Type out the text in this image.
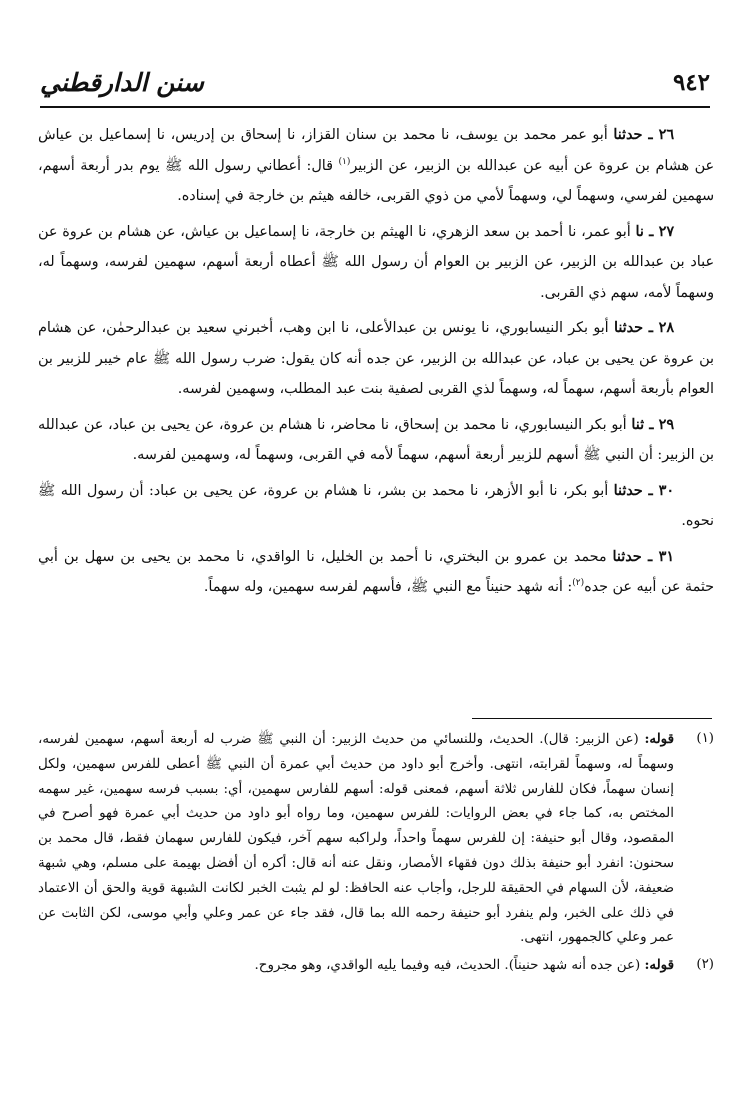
سنن الدارقطني	٩٤٢

٢٦ ـ حدثنا أبو عمر محمد بن يوسف، نا محمد بن سنان القزاز، نا إسحاق بن إدريس، نا إسماعيل بن عياش عن هشام بن عروة عن أبيه عن عبدالله بن الزبير، عن الزبير$^{(١)}$ قال: أعطاني رسول الله ﷺ يوم بدر أربعة أسهم، سهمين لفرسي، وسهماً لي، وسهماً لأمي من ذوي القربى، خالفه هيثم بن خارجة في إسناده.

٢٧ ـ نا أبو عمر، نا أحمد بن سعد الزهري، نا الهيثم بن خارجة، نا إسماعيل بن عياش، عن هشام بن عروة عن عباد بن عبدالله بن الزبير، عن الزبير بن العوام أن رسول الله ﷺ أعطاه أربعة أسهم، سهمين لفرسه، وسهماً له، وسهماً لأمه، سهم ذي القربى.

٢٨ ـ حدثنا أبو بكر النيسابوري، نا يونس بن عبدالأعلى، نا ابن وهب، أخبرني سعيد بن عبدالرحمٰن، عن هشام بن عروة عن يحيى بن عباد، عن عبدالله بن الزبير، عن جده أنه كان يقول: ضرب رسول الله ﷺ عام خيبر للزبير بن العوام بأربعة أسهم، سهماً له، وسهماً لذي القربى لصفية بنت عبد المطلب، وسهمين لفرسه.

٢٩ ـ ثنا أبو بكر النيسابوري، نا محمد بن إسحاق، نا محاضر، نا هشام بن عروة، عن يحيى بن عباد، عن عبدالله بن الزبير: أن النبي ﷺ أسهم للزبير أربعة أسهم، سهماً لأمه في القربى، وسهماً له، وسهمين لفرسه.

٣٠ ـ حدثنا أبو بكر، نا أبو الأزهر، نا محمد بن بشر، نا هشام بن عروة، عن يحيى بن عباد: أن رسول الله ﷺ نحوه.

٣١ ـ حدثنا محمد بن عمرو بن البختري، نا أحمد بن الخليل، نا الواقدي، نا محمد بن يحيى بن سهل بن أبي حثمة عن أبيه عن جده$^{(٢)}$: أنه شهد حنيناً مع النبي ﷺ، فأسهم لفرسه سهمين، وله سهماً.

(١)
قوله: (عن الزبير: قال). الحديث، وللنسائي من حديث الزبير: أن النبي ﷺ ضرب له أربعة أسهم، سهمين لفرسه، وسهماً له، وسهماً لقرابته، انتهى. وأخرج أبو داود من حديث أبي عمرة أن النبي ﷺ أعطى للفرس سهمين، ولكل إنسان سهماً، فكان للفارس ثلاثة أسهم، فمعنى قوله: أسهم للفارس سهمين، أي: بسبب فرسه سهمين، غير سهمه المختص به، كما جاء في بعض الروايات: للفرس سهمين، وما رواه أبو داود من حديث أبي عمرة فهو أصرح في المقصود، وقال أبو حنيفة: إن للفرس سهماً واحداً، ولراكبه سهم آخر، فيكون للفارس سهمان فقط، قال محمد بن سحنون: انفرد أبو حنيفة بذلك دون فقهاء الأمصار، ونقل عنه أنه قال: أكره أن أفضل بهيمة على مسلم، وهي شبهة ضعيفة، لأن السهام في الحقيقة للرجل، وأجاب عنه الحافظ: لو لم يثبت الخبر لكانت الشبهة قوية والحق أن الاعتماد في ذلك على الخبر، ولم ينفرد أبو حنيفة رحمه الله بما قال، فقد جاء عن عمر وعلي وأبي موسى، لكن الثابت عن عمر وعلي كالجمهور، انتهى.
(٢)
قوله: (عن جده أنه شهد حنيناً). الحديث، فيه وفيما يليه الواقدي، وهو مجروح.
